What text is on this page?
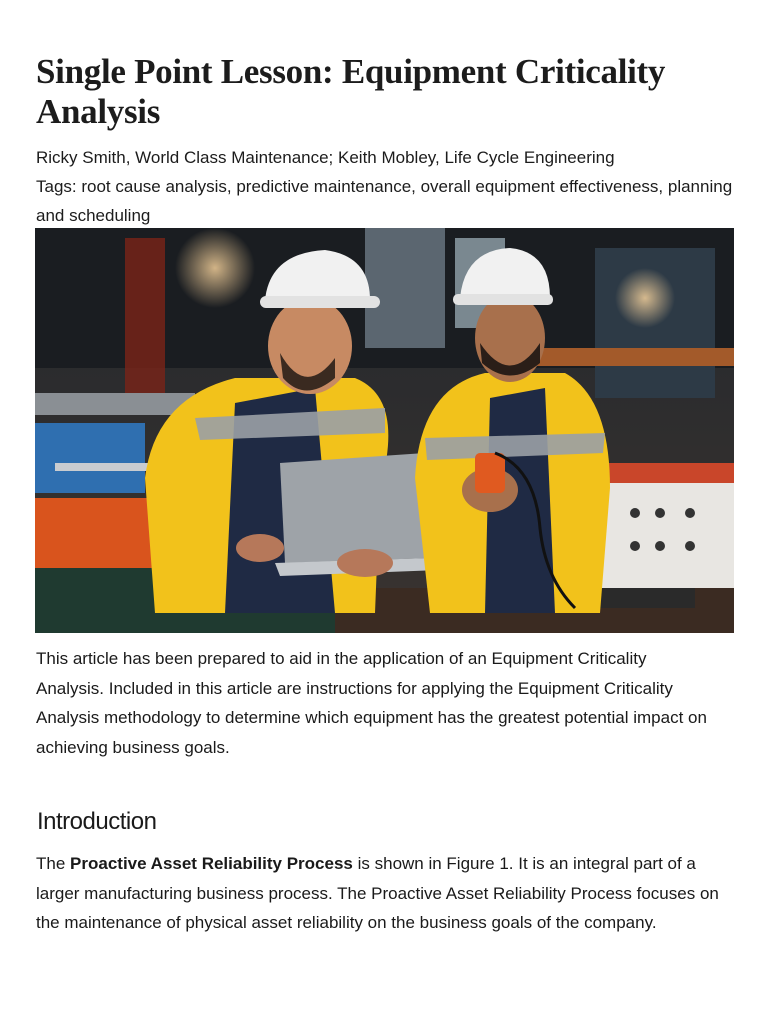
Single Point Lesson: Equipment Criticality Analysis

Ricky Smith, World Class Maintenance; Keith Mobley, Life Cycle Engineering

Tags: root cause analysis, predictive maintenance, overall equipment effectiveness, planning and scheduling

This article has been prepared to aid in the application of an Equipment Criticality Analysis. Included in this article are instructions for applying the Equipment Criticality Analysis methodology to determine which equipment has the greatest potential impact on achieving business goals.

Introduction

The Proactive Asset Reliability Process is shown in Figure 1. It is an integral part of a larger manufacturing business process. The Proactive Asset Reliability Process focuses on the maintenance of physical asset reliability on the business goals of the company.
